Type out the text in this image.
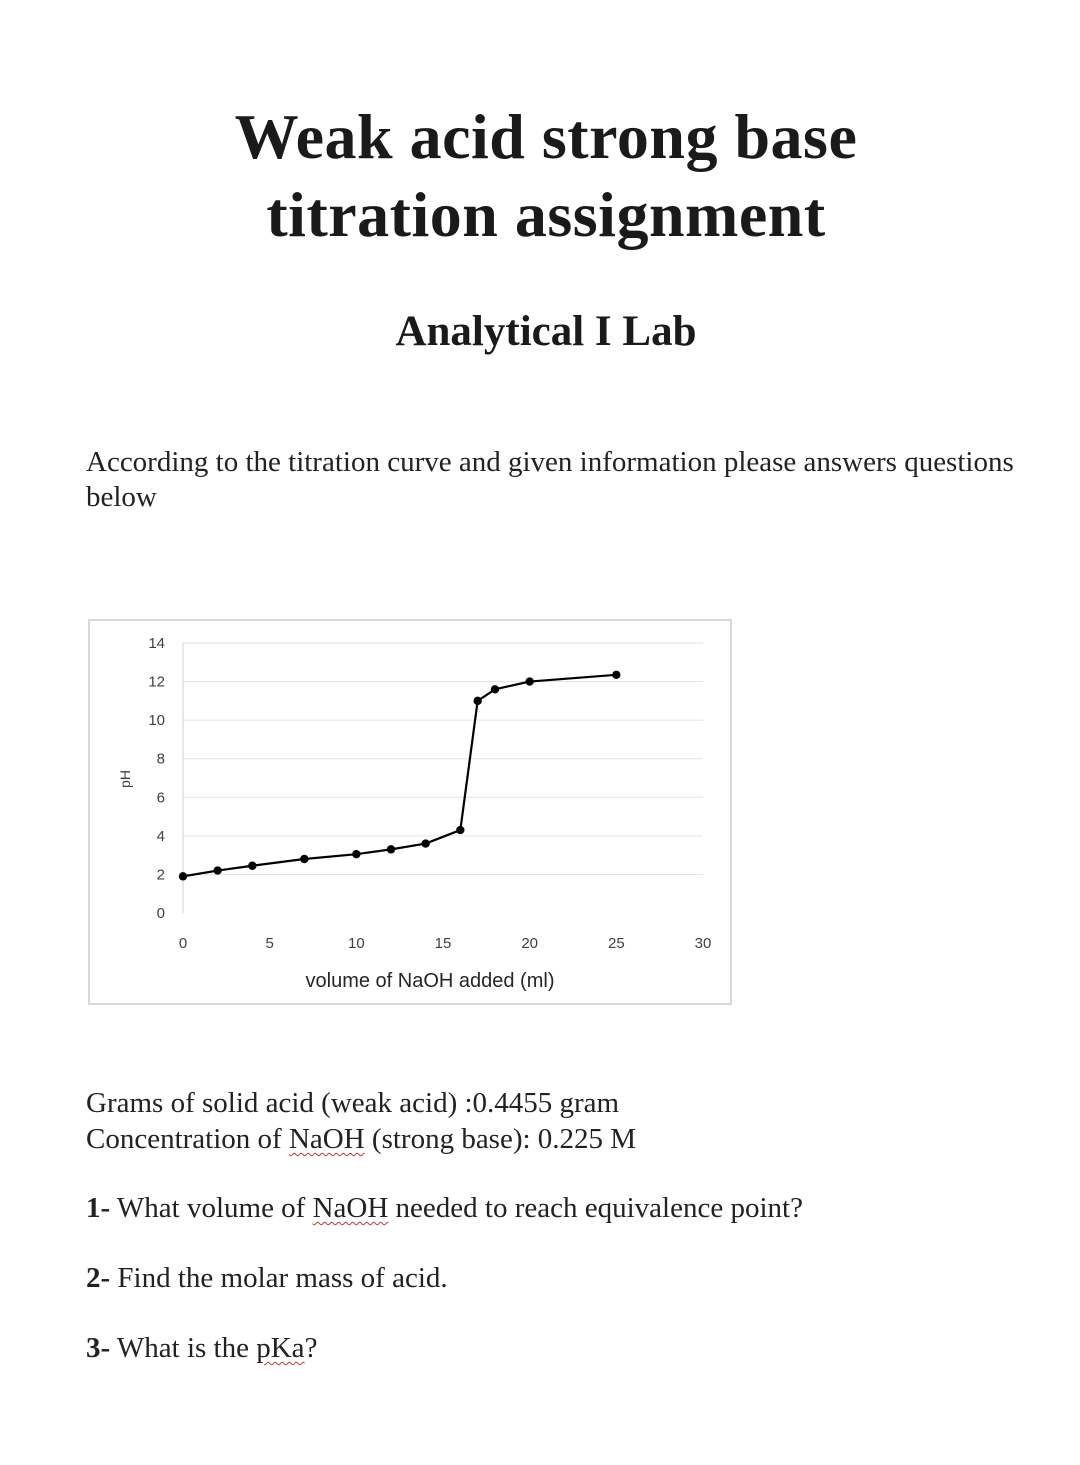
Weak acid strong base
titration assignment
Analytical I Lab

According to the titration curve and given information please answers questions below

0
2
4
6
8
10
12
14
0	5	10	15	20	25	30
volume of NaOH added (ml)
pH
Grams of solid acid (weak acid) :0.4455 gram
Concentration of NaOH (strong base): 0.225 M

1- What volume of NaOH needed to reach equivalence point?

2- Find the molar mass of acid.

3- What is the pKa?
